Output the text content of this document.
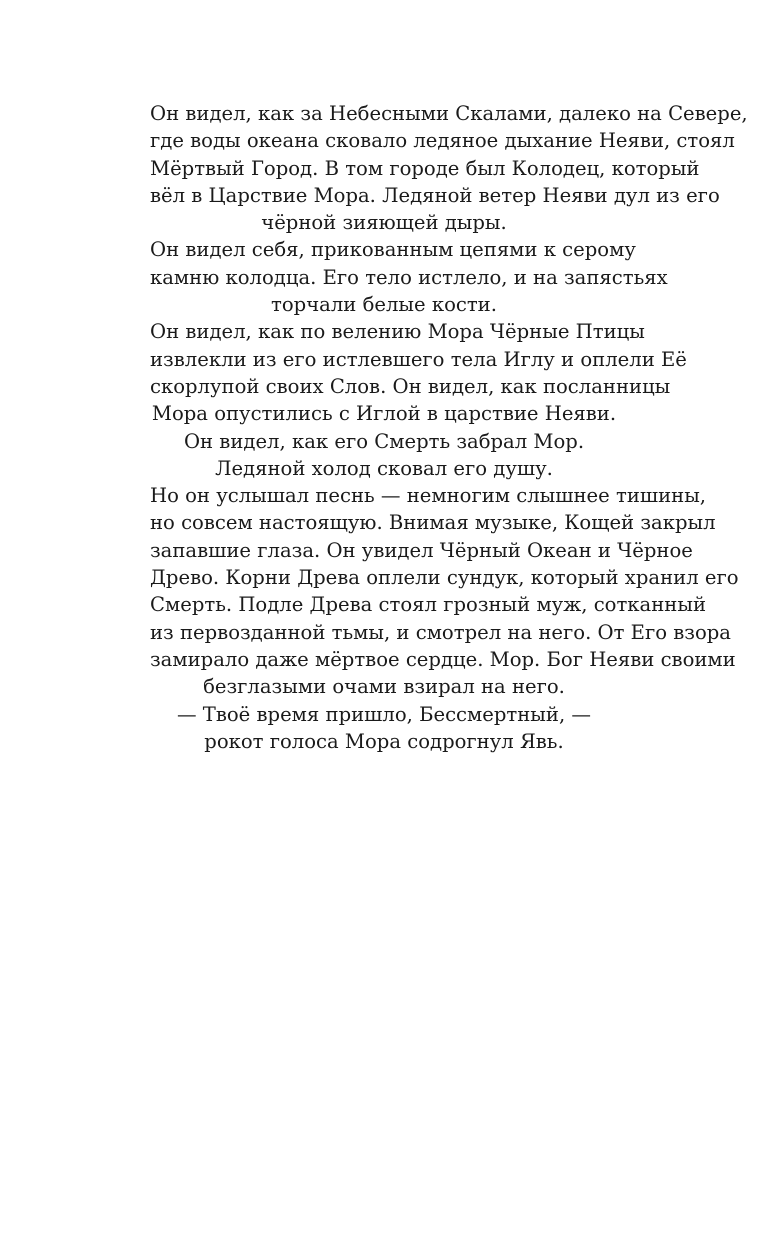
Он видел, как за Небесными Скалами, далеко на Севере,
где воды океана сковало ледяное дыхание Неяви, стоял
Мёртвый Город. В том городе был Колодец, который
вёл в Царствие Мора. Ледяной ветер Неяви дул из его
чёрной зияющей дыры.
Он видел себя, прикованным цепями к серому
камню колодца. Его тело истлело, и на запястьях
торчали белые кости.
Он видел, как по велению Мора Чёрные Птицы
извлекли из его истлевшего тела Иглу и оплели Её
скорлупой своих Слов. Он видел, как посланницы
Мора опустились с Иглой в царствие Неяви.
Он видел, как его Смерть забрал Мор.
Ледяной холод сковал его душу.
Но он услышал песнь — немногим слышнее тишины,
но совсем настоящую. Внимая музыке, Кощей закрыл
запавшие глаза. Он увидел Чёрный Океан и Чёрное
Древо. Корни Древа оплели сундук, который хранил его
Смерть. Подле Древа стоял грозный муж, сотканный
из первозданной тьмы, и смотрел на него. От Его взора
замирало даже мёртвое сердце. Мор. Бог Неяви своими
безглазыми очами взирал на него.
— Твоё время пришло, Бессмертный, —
рокот голоса Мора содрогнул Явь.
